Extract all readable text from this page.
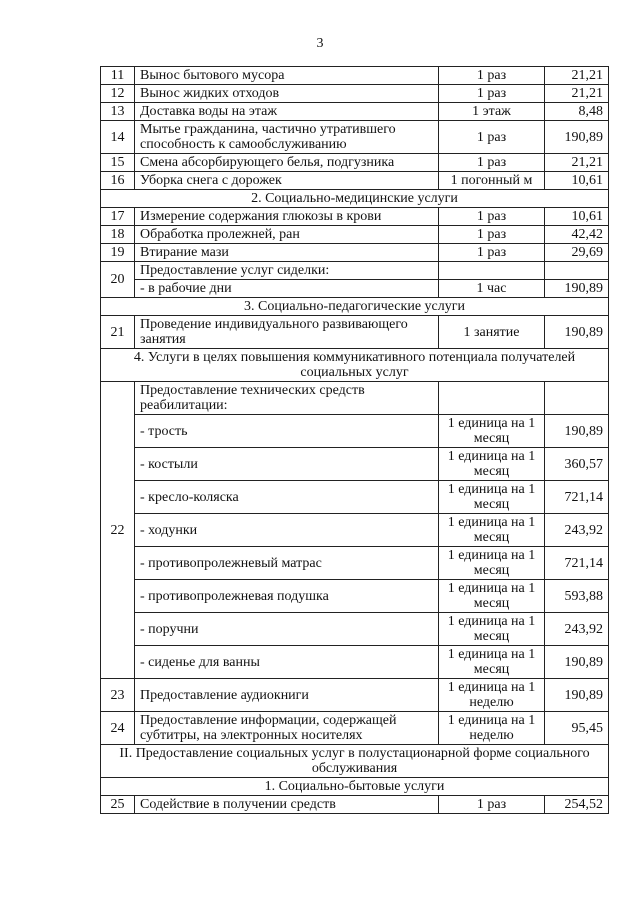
3
11	Вынос бытового мусора	1 раз	21,21
12	Вынос жидких отходов	1 раз	21,21
13	Доставка воды на этаж	1 этаж	8,48
14	Мытье гражданина, частично утратившего способность к самообслуживанию	1 раз	190,89
15	Смена абсорбирующего белья, подгузника	1 раз	21,21
16	Уборка снега с дорожек	1 погонный м	10,61
2. Социально-медицинские услуги			
17	Измерение содержания глюкозы в крови	1 раз	10,61
18	Обработка пролежней, ран	1 раз	42,42
19	Втирание мази	1 раз	29,69
20	Предоставление услуг сиделки:		
	- в рабочие дни	1 час	190,89
3. Социально-педагогические услуги			
21	Проведение индивидуального развивающего занятия	1 занятие	190,89
4. Услуги в целях повышения коммуникативного потенциала получателей социальных услуг			
22	Предоставление технических средств реабилитации:		
	- трость	1 единица на 1 месяц	190,89
	- костыли	1 единица на 1 месяц	360,57
	- кресло-коляска	1 единица на 1 месяц	721,14
	- ходунки	1 единица на 1 месяц	243,92
	- противопролежневый матрас	1 единица на 1 месяц	721,14
	- противопролежневая подушка	1 единица на 1 месяц	593,88
	- поручни	1 единица на 1 месяц	243,92
	- сиденье для ванны	1 единица на 1 месяц	190,89
23	Предоставление аудиокниги	1 единица на 1 неделю	190,89
24	Предоставление информации, содержащей субтитры, на электронных носителях	1 единица на 1 неделю	95,45
II. Предоставление социальных услуг в полустационарной форме социального обслуживания			
1. Социально-бытовые услуги			
25	Содействие в получении средств	1 раз	254,52
